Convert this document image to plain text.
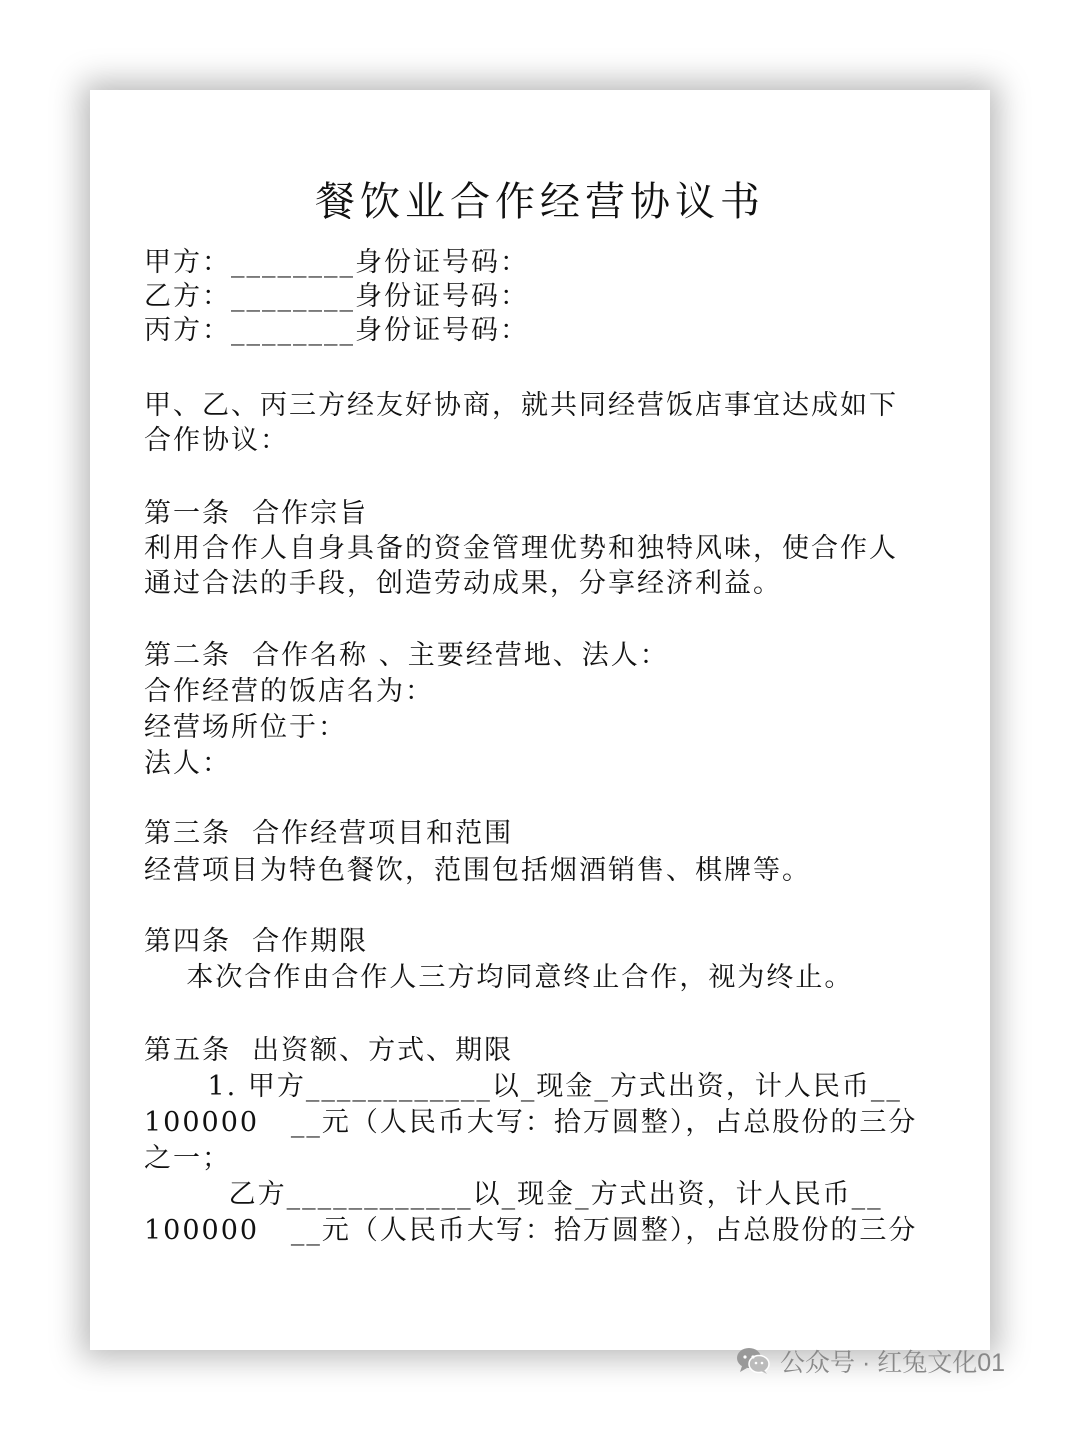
餐饮业合作经营协议书
甲方：________身份证号码：
乙方：________身份证号码：
丙方：________身份证号码：
甲、乙、丙三方经友好协商，就共同经营饭店事宜达成如下
合作协议：
第一条  合作宗旨
利用合作人自身具备的资金管理优势和独特风味，使合作人
通过合法的手段，创造劳动成果，分享经济利益。
第二条  合作名称 、主要经营地、法人：
合作经营的饭店名为：
经营场所位于：
法人：
第三条  合作经营项目和范围
经营项目为特色餐饮，范围包括烟酒销售、棋牌等。
第四条  合作期限
本次合作由合作人三方均同意终止合作，视为终止。
第五条  出资额、方式、期限
1. 甲方____________以_现金_方式出资，计人民币__
100000   __元（人民币大写：拾万圆整），占总股份的三分
之一；
乙方____________以_现金_方式出资，计人民币__
100000   __元（人民币大写：拾万圆整），占总股份的三分
公众号 · 红兔文化01
